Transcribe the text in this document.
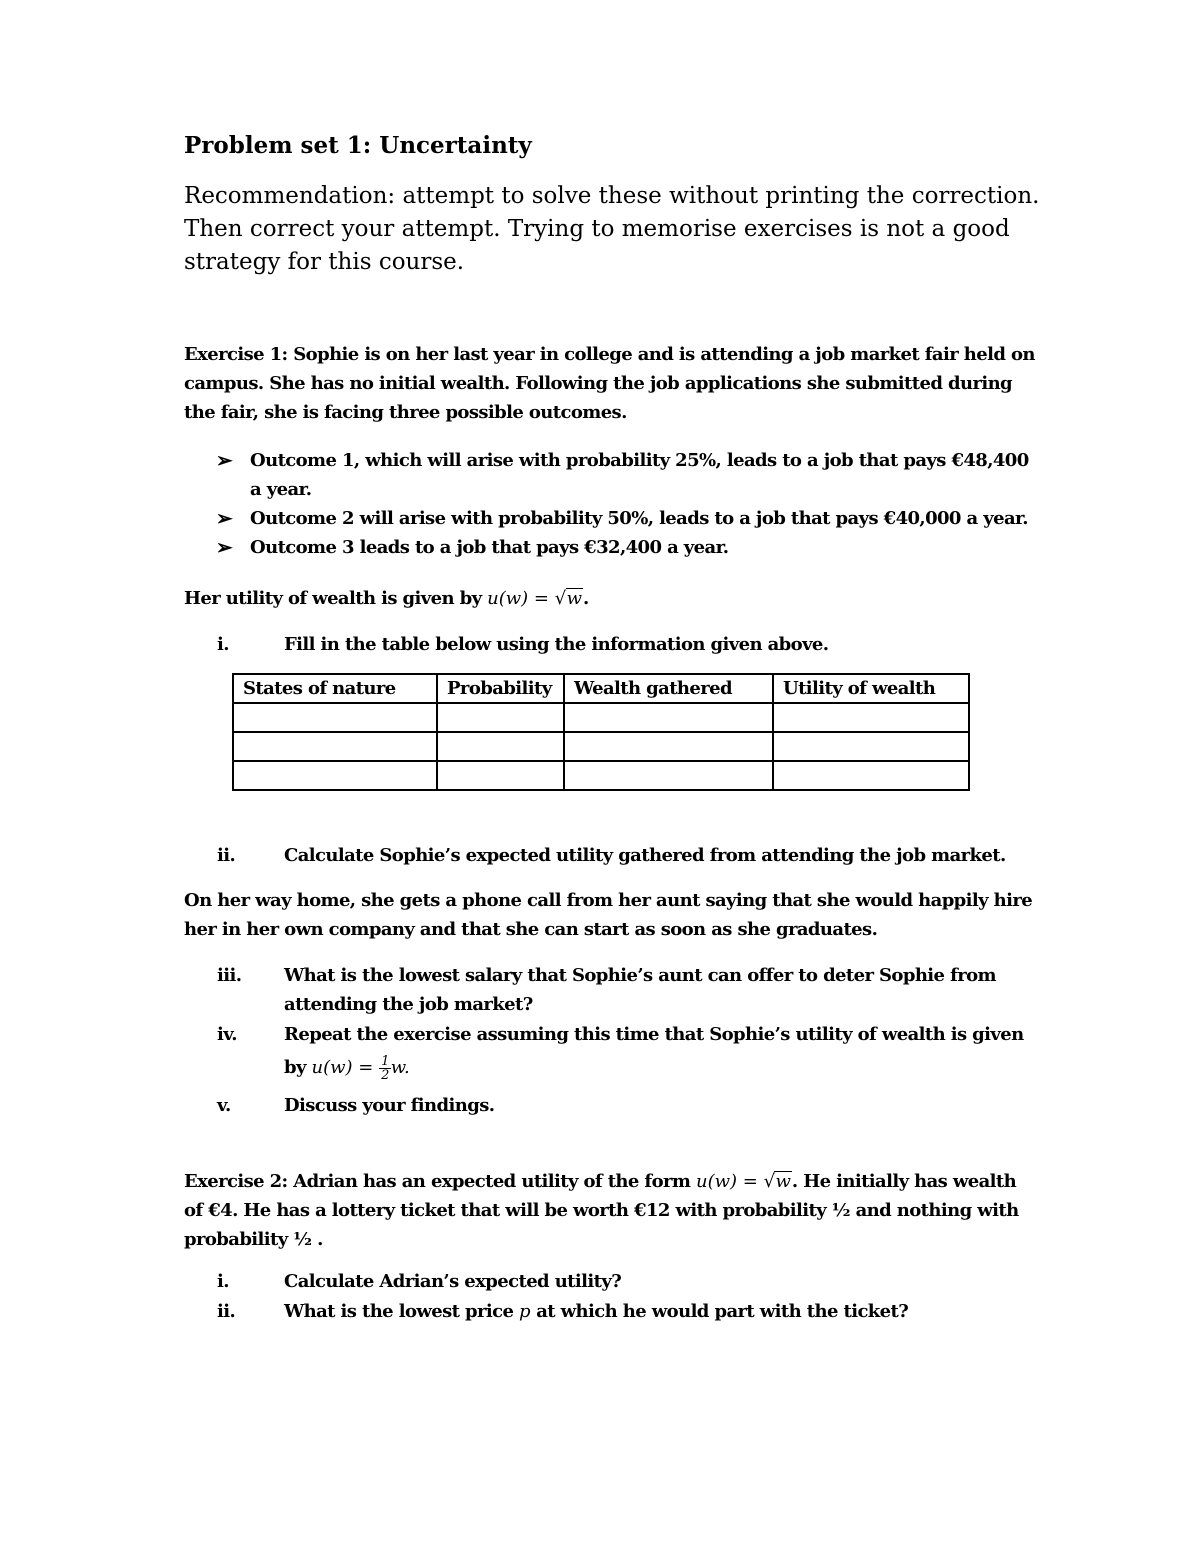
Problem set 1: Uncertainty

Recommendation: attempt to solve these without printing the correction.

Then correct your attempt. Trying to memorise exercises is not a good

strategy for this course.

Exercise 1: Sophie is on her last year in college and is attending a job market fair held on
campus. She has no initial wealth. Following the job applications she submitted during
the fair, she is facing three possible outcomes.
➢ Outcome 1, which will arise with probability 25%, leads to a job that pays €48,400
a year.
➢ Outcome 2 will arise with probability 50%, leads to a job that pays €40,000 a year.
➢ Outcome 3 leads to a job that pays €32,400 a year.
Her utility of wealth is given by u(w) = √w.
i.	Fill in the table below using the information given above.
States of nature	Probability	Wealth gathered	Utility of wealth

ii.	Calculate Sophie’s expected utility gathered from attending the job market.
On her way home, she gets a phone call from her aunt saying that she would happily hire
her in her own company and that she can start as soon as she graduates.
iii. What is the lowest salary that Sophie’s aunt can offer to deter Sophie from
attending the job market?
iv.	Repeat the exercise assuming this time that Sophie’s utility of wealth is given
by $u(w) = \frac{1}{2} w$.
v.	Discuss your findings.
Exercise 2: Adrian has an expected utility of the form u(w) = √w. He initially has wealth
of €4. He has a lottery ticket that will be worth €12 with probability ½ and nothing with
probability ½ .
i.	Calculate Adrian’s expected utility?
ii.	What is the lowest price p at which he would part with the ticket?
